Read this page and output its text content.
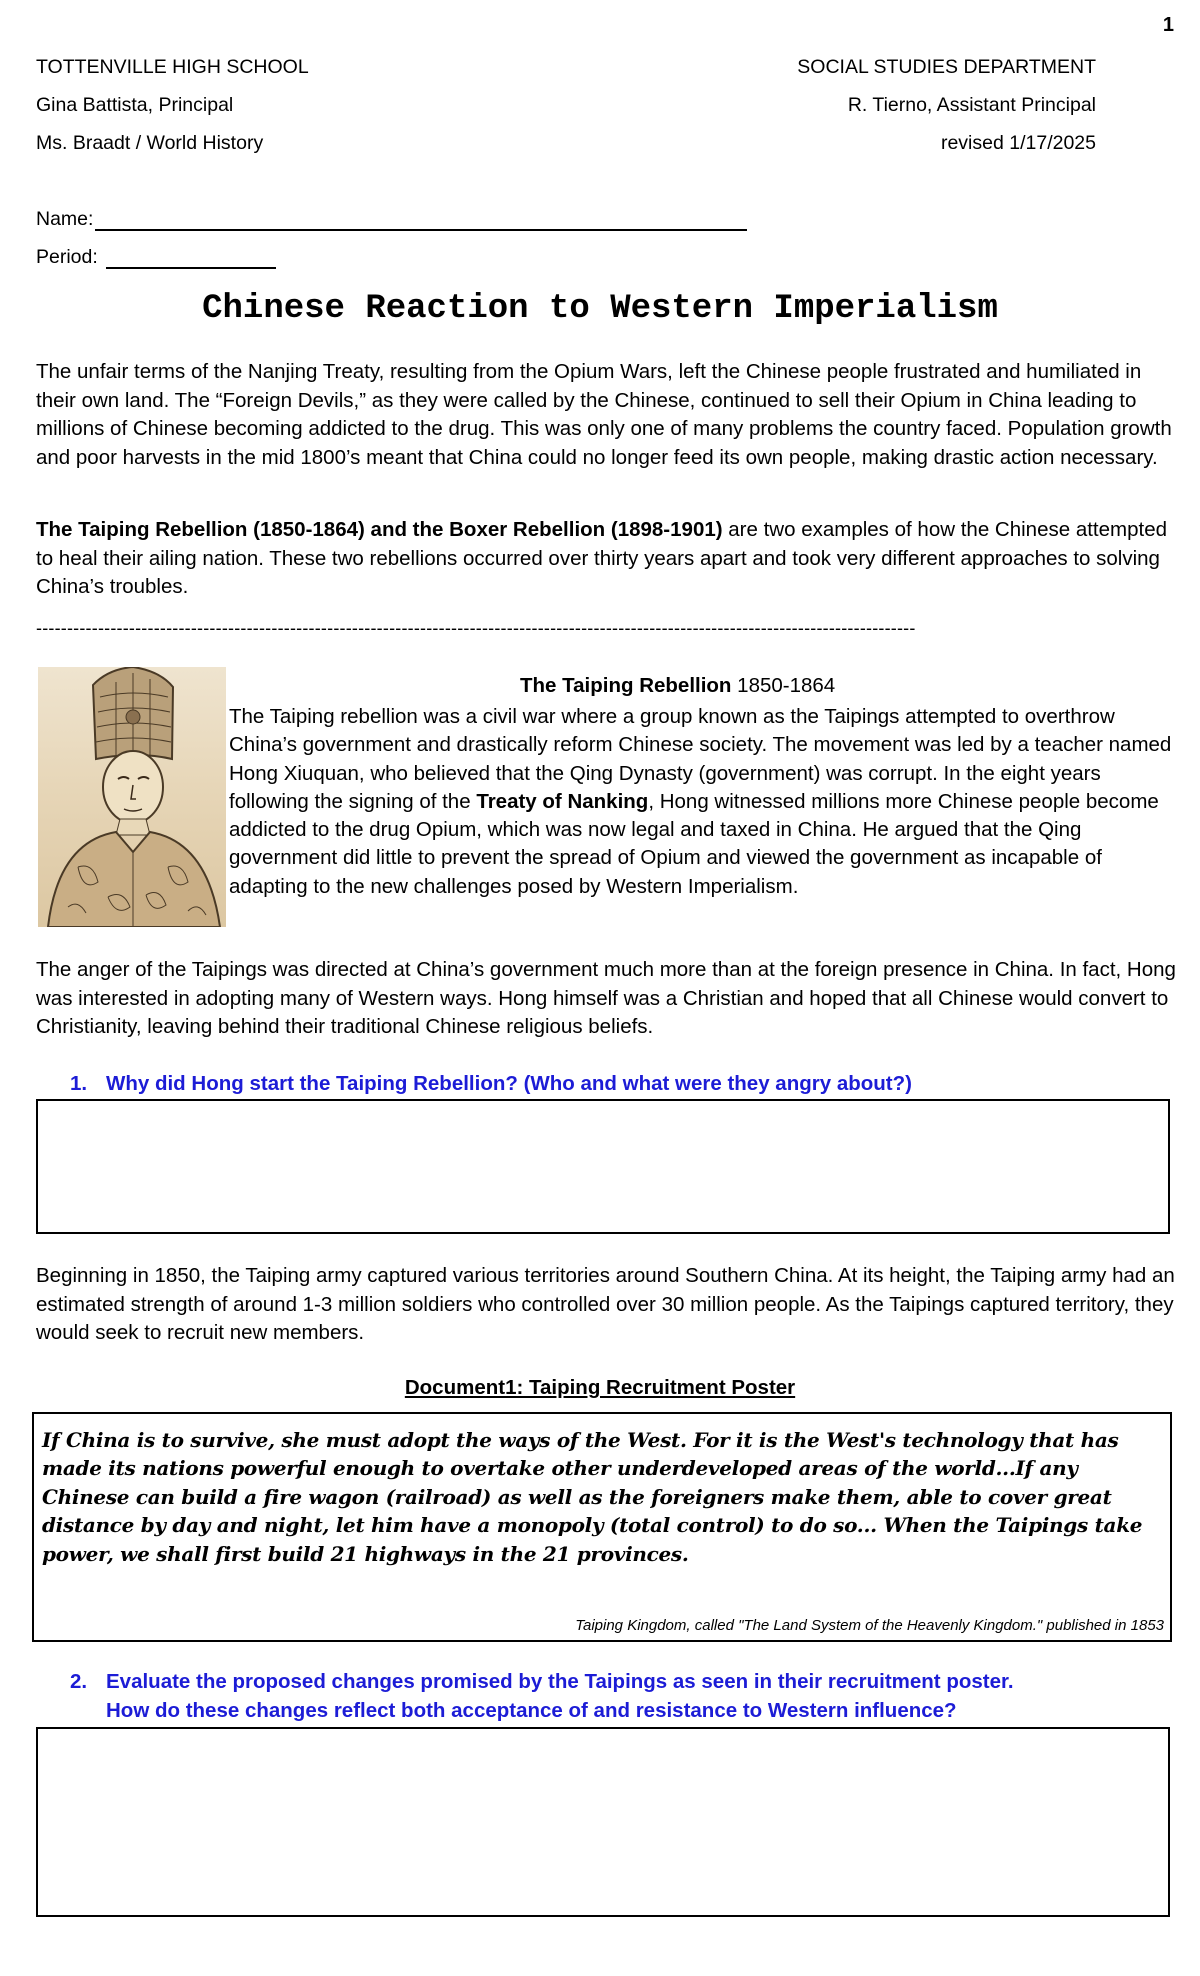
1
TOTTENVILLE HIGH SCHOOL	SOCIAL STUDIES DEPARTMENT
Gina Battista, Principal	R. Tierno, Assistant Principal
Ms. Braadt / World History	revised 1/17/2025
Name:
Period:
Chinese Reaction to Western Imperialism
The unfair terms of the Nanjing Treaty, resulting from the Opium Wars, left the Chinese people frustrated and humiliated in their own land. The “Foreign Devils,” as they were called by the Chinese, continued to sell their Opium in China leading to millions of Chinese becoming addicted to the drug. This was only one of many problems the country faced. Population growth and poor harvests in the mid 1800’s meant that China could no longer feed its own people, making drastic action necessary.
The Taiping Rebellion (1850-1864) and the Boxer Rebellion (1898-1901) are two examples of how the Chinese attempted to heal their ailing nation. These two rebellions occurred over thirty years apart and took very different approaches to solving China’s troubles.
----------------------------------------------------------------------------------------------------------------------------------------------
The Taiping Rebellion 1850-1864
The Taiping rebellion was a civil war where a group known as the Taipings attempted to overthrow China’s government and drastically reform Chinese society. The movement was led by a teacher named Hong Xiuquan, who believed that the Qing Dynasty (government) was corrupt. In the eight years following the signing of the Treaty of Nanking, Hong witnessed millions more Chinese people become addicted to the drug Opium, which was now legal and taxed in China. He argued that the Qing government did little to prevent the spread of Opium and viewed the government as incapable of adapting to the new challenges posed by Western Imperialism.
The anger of the Taipings was directed at China’s government much more than at the foreign presence in China. In fact, Hong was interested in adopting many of Western ways. Hong himself was a Christian and hoped that all Chinese would convert to Christianity, leaving behind their traditional Chinese religious beliefs.
1. Why did Hong start the Taiping Rebellion? (Who and what were they angry about?)
Beginning in 1850, the Taiping army captured various territories around Southern China. At its height, the Taiping army had an estimated strength of around 1-3 million soldiers who controlled over 30 million people. As the Taipings captured territory, they would seek to recruit new members.
Document1: Taiping Recruitment Poster
If China is to survive, she must adopt the ways of the West. For it is the West's technology that has made its nations powerful enough to overtake other underdeveloped areas of the world...If any Chinese can build a fire wagon (railroad) as well as the foreigners make them, able to cover great distance by day and night, let him have a monopoly (total control) to do so... When the Taipings take power, we shall first build 21 highways in the 21 provinces.
Taiping Kingdom, called "The Land System of the Heavenly Kingdom." published in 1853
2. Evaluate the proposed changes promised by the Taipings as seen in their recruitment poster.
How do these changes reflect both acceptance of and resistance to Western influence?
